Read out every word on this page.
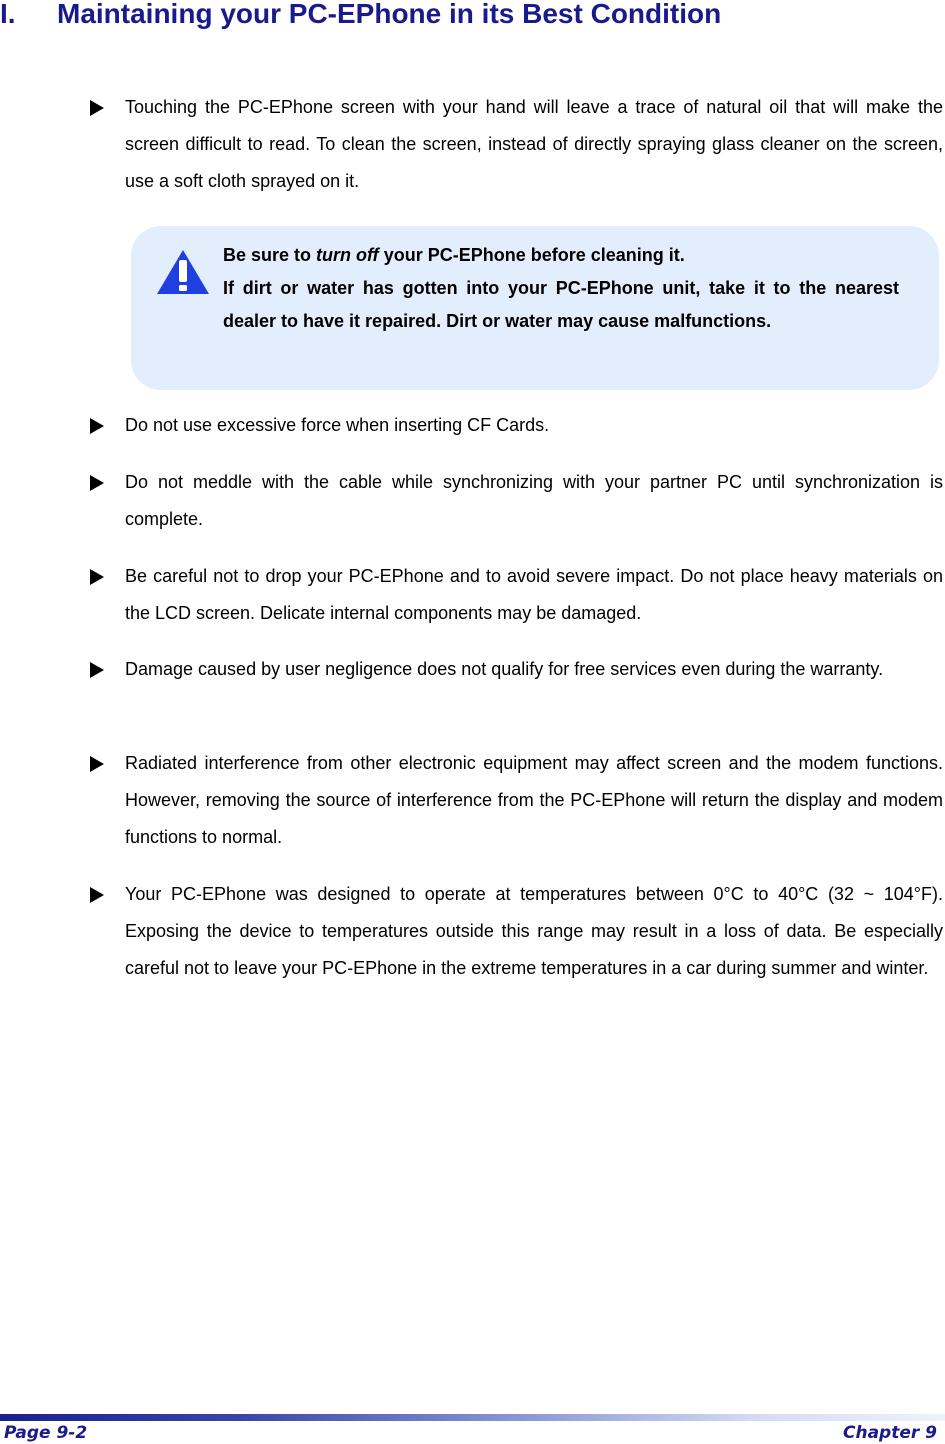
I. Maintaining your PC-EPhone in its Best Condition
Touching the PC-EPhone screen with your hand will leave a trace of natural oil that will make the screen difficult to read. To clean the screen, instead of directly spraying glass cleaner on the screen, use a soft cloth sprayed on it.
Be sure to turn off your PC-EPhone before cleaning it.
If dirt or water has gotten into your PC-EPhone unit, take it to the nearest dealer to have it repaired. Dirt or water may cause malfunctions.
Do not use excessive force when inserting CF Cards.
Do not meddle with the cable while synchronizing with your partner PC until synchronization is complete.
Be careful not to drop your PC-EPhone and to avoid severe impact. Do not place heavy materials on the LCD screen. Delicate internal components may be damaged.
Damage caused by user negligence does not qualify for free services even during the warranty.
Radiated interference from other electronic equipment may affect screen and the modem functions. However, removing the source of interference from the PC-EPhone will return the display and modem functions to normal.
Your PC-EPhone was designed to operate at temperatures between 0°C to 40°C (32 ~ 104°F). Exposing the device to temperatures outside this range may result in a loss of data. Be especially careful not to leave your PC-EPhone in the extreme temperatures in a car during summer and winter.
Page 9-2	Chapter 9
